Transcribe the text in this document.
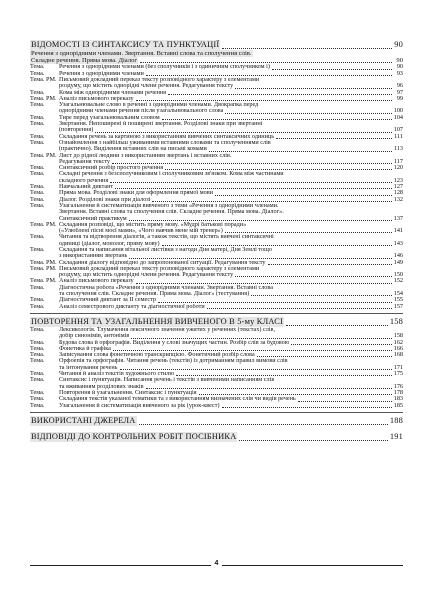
ВІДОМОСТІ ІЗ СИНТАКСИСУ ТА ПУНКТУАЦІЇ	90
Речення з однорідними членами. Звертання. Вставні слова та сполучення слів.
Складне речення. Пряма мова. Діалог	90
Тема.	Речення з однорідними членами (без сполучників і з одиничним сполучником і)	90
Тема.	Речення з однорідними членами	93
Тема. РМ. Письмовий докладний переказ тексту розповідного характеру з елементами
роздуму, що містить однорідні члени речення. Редагування тексту	96
Тема.	Кома між однорідними членами речення	97
Тема. РМ. Аналіз письмового переказу	99
Тема.	Узагальнювальне слово в реченні з однорідними членами. Двокрапка перед
однорідними членами речення після узагальнювального слова	100
Тема.	Тире перед узагальнювальним словом	104
Тема.	Звертання. Непоширені й поширені звертання. Розділові знаки при звертанні
(повторення)	107
Тема.	Складання речень за картиною з використанням вивчених синтаксичних одиниць	111
Тема.	Ознайомлення з найбільш уживаними вставними словами та сполученнями слів
(практично). Виділення вставних слів на письмі комами	113
Тема. РМ. Лист до рідної людини з використанням звертань і вставних слів.
Редагування тексту	117
Тема.	Синтаксичний розбір простого речення	120
Тема.	Складні речення з безсполучниковим і сполучниковим зв'язком. Кома між частинами
складного речення	123
Тема.	Навчальний диктант	127
Тема.	Пряма мова. Розділові знаки для оформлення прямої мови	128
Тема.	Діалог. Розділові знаки при діалозі	132
Тема.	Узагальнення й систематизація вивченого з теми «Речення з однорідними членами.
Звертання. Вставні слова та сполучення слів. Складне речення. Пряма мова. Діалог».
Синтаксичний практикум	137
Тема. РМ. Складання розповіді, що містить пряму мову. «Мудрі батькові поради»
(«Улюблені пісні моєї мами», «Чого навчив мене мій тренер»)	141
Тема.	Читання та відтворення діалогів, а також текстів, що містять вивчені синтаксичні
одиниці (діалог, монолог, пряму мову)	143
Тема.	Складання та написання вітальної листівки з нагоди Дня матері, Дня Землі тощо
з використанням звертань	146
Тема. РМ. Складання діалогу відповідно до запропонованої ситуації. Редагування тексту	149
Тема. РМ. Письмовий докладний переказ тексту розповідного характеру з елементами
роздуму, що містить однорідні члени речення. Редагування тексту	150
Тема. РМ. Аналіз письмового переказу	152
Тема.	Діагностична робота «Речення з однорідними членами. Звертання. Вставні слова
та сполучення слів. Складне речення. Пряма мова. Діалог» (тестування)	154
Тема.	Діагностичний диктант за ІІ семестр	155
Тема.	Аналіз семестрового диктанту та діагностичної роботи	157
ПОВТОРЕННЯ ТА УЗАГАЛЬНЕННЯ ВИВЧЕНОГО В 5-му КЛАСІ	158
Тема.	Лексикологія. Тлумачення лексичного значення ужитих у реченнях (текстах) слів,
добір синонімів, антонімів	158
Тема.	Будова слова й орфографія. Виділення у слові значущих частин. Розбір слів за будовою	162
Тема.	Фонетика й графіка	166
Тема.	Записування слова фонетичною транскрипцією. Фонетичний розбір слова	168
Тема.	Орфоепія та орфографія. Читання речень (текстів) із дотриманням правил вимови слів
та інтонування речень	171
Тема.	Читання й аналіз текстів художнього стилю	175
Тема.	Синтаксис і пунктуація. Написання речень і текстів з вивченими написанням слів
та вживанням розділових знаків	176
Тема.	Повторення й узагальнення. Синтаксис і пунктуація	178
Тема.	Складання текстів указаної тематики та з використанням визначених слів чи видів речень	183
Тема.	Узагальнення й систематизація вивченого за рік (урок-квест)	185
ВИКОРИСТАНІ ДЖЕРЕЛА	188
ВІДПОВІДІ ДО КОНТРОЛЬНИХ РОБІТ ПОСІБНИКА	191
4
